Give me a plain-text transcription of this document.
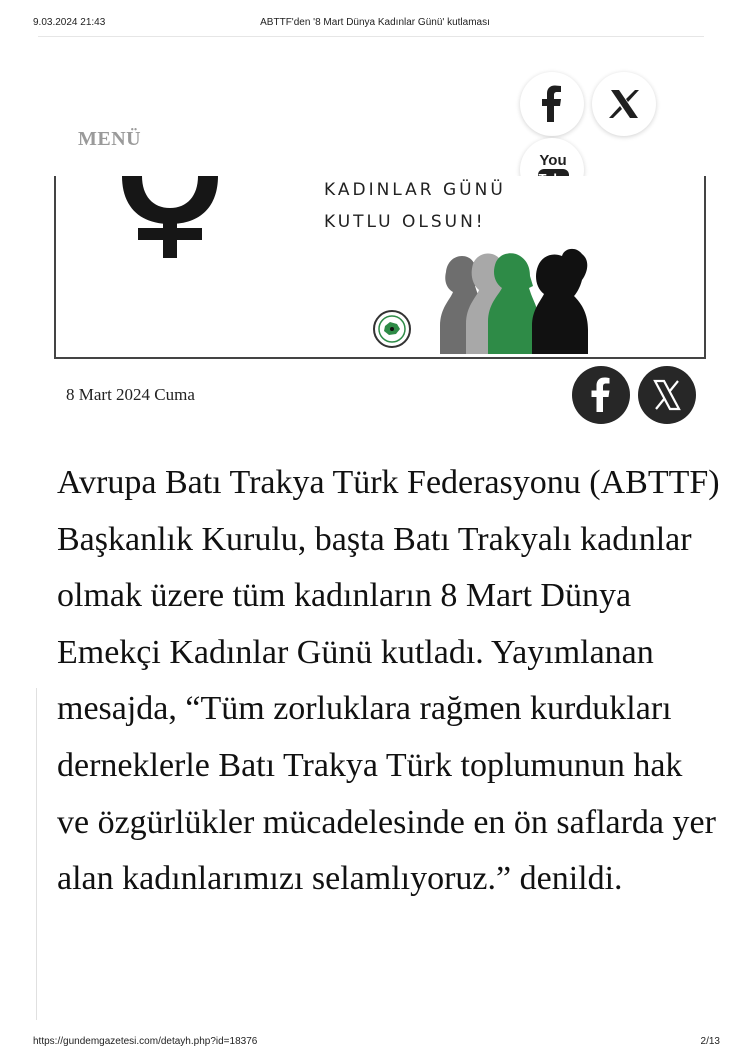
9.03.2024 21:43	ABTTF'den '8 Mart Dünya Kadınlar Günü' kutlaması
MENÜ
You
KADINLAR GÜNÜ
KUTLU OLSUN!
8 Mart 2024 Cuma

Avrupa Batı Trakya Türk Federasyonu (ABTTF) Başkanlık Kurulu, başta Batı Trakyalı kadınlar olmak üzere tüm kadınların 8 Mart Dünya Emekçi Kadınlar Günü kutladı. Yayımlanan mesajda, “Tüm zorluklara rağmen kurdukları derneklerle Batı Trakya Türk toplumunun hak ve özgürlükler mücadelesinde en ön saflarda yer alan kadınlarımızı selamlıyoruz.” denildi.

https://gundemgazetesi.com/detayh.php?id=18376	2/13
